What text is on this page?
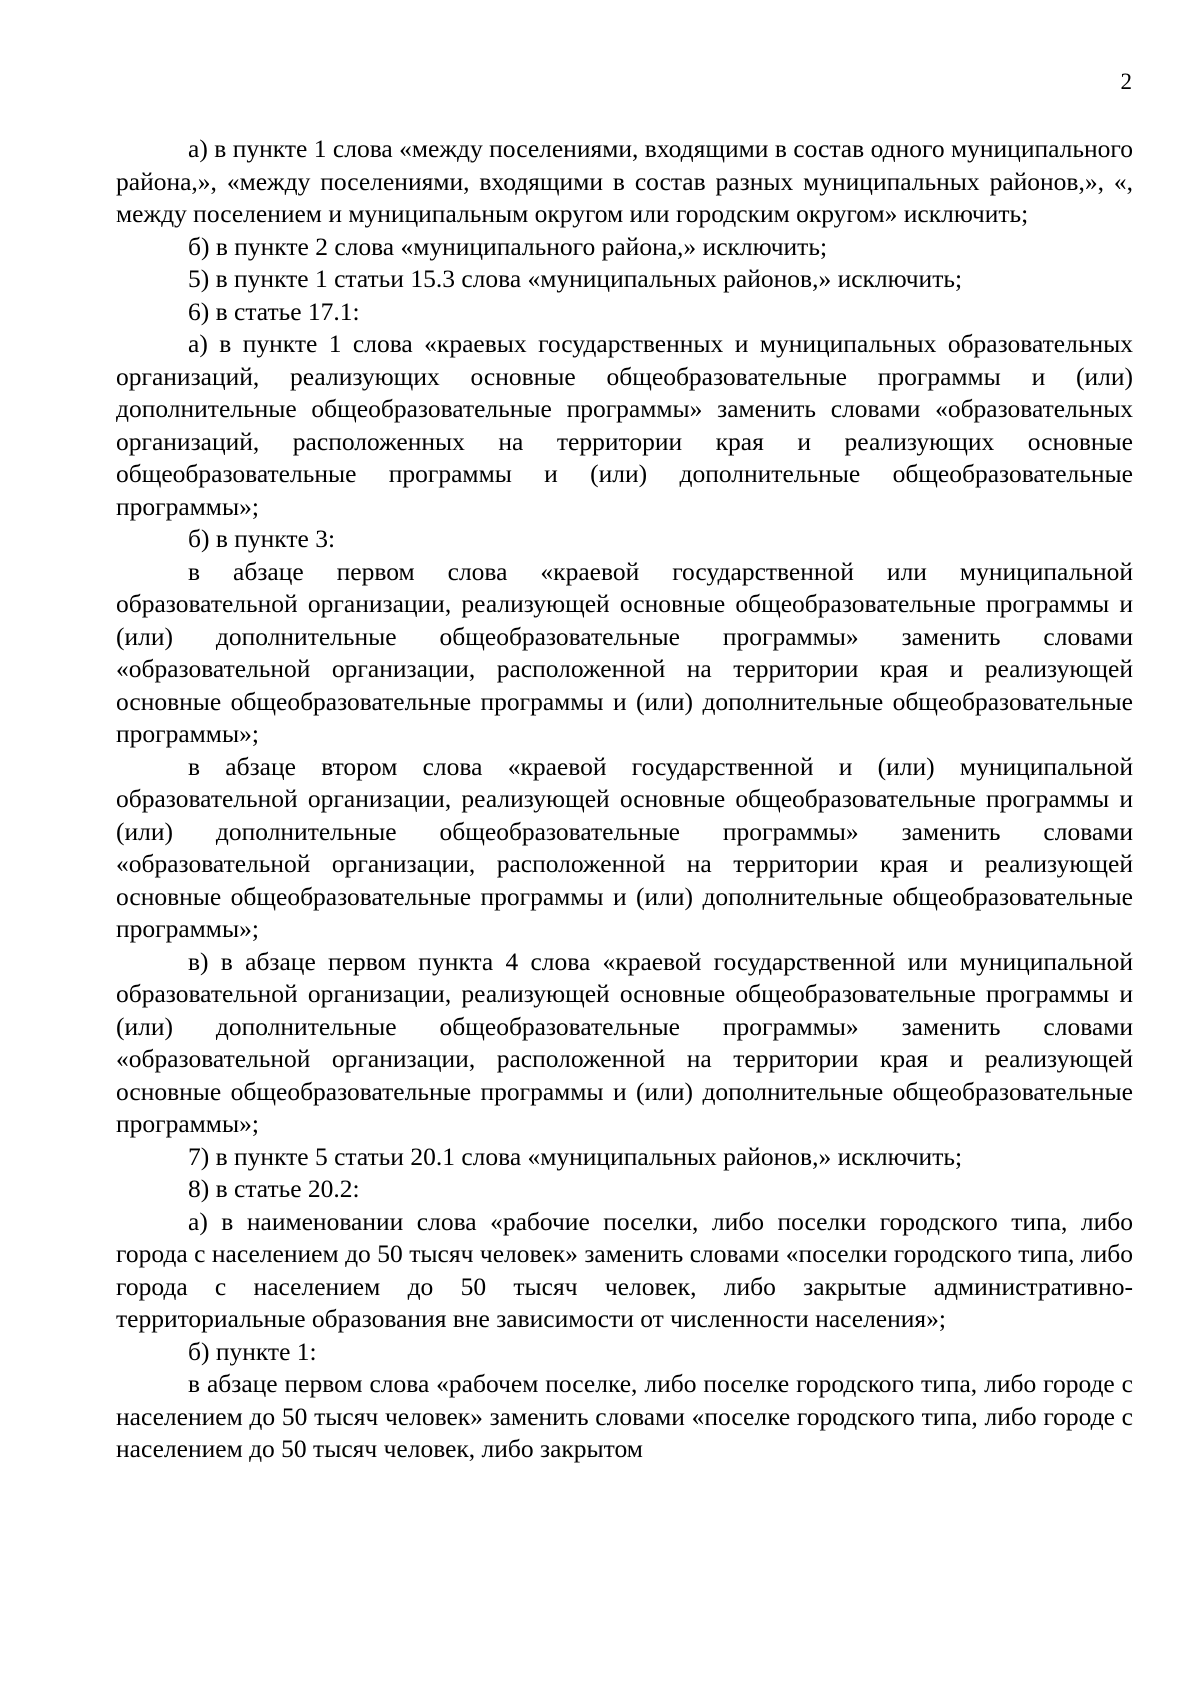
2

а) в пункте 1 слова «между поселениями, входящими в состав одного муниципального района,», «между поселениями, входящими в состав разных муниципальных районов,», «, между поселением и муниципальным округом или городским округом» исключить;

б) в пункте 2 слова «муниципального района,» исключить;

5) в пункте 1 статьи 15.3 слова «муниципальных районов,» исключить;

6) в статье 17.1:

а) в пункте 1 слова «краевых государственных и муниципальных образовательных организаций, реализующих основные общеобразовательные программы и (или) дополнительные общеобразовательные программы» заменить словами «образовательных организаций, расположенных на территории края и реализующих основные общеобразовательные программы и (или) дополнительные общеобразовательные программы»;

б) в пункте 3:

в абзаце первом слова «краевой государственной или муниципальной образовательной организации, реализующей основные общеобразовательные программы и (или) дополнительные общеобразовательные программы» заменить словами «образовательной организации, расположенной на территории края и реализующей основные общеобразовательные программы и (или) дополнительные общеобразовательные программы»;

в абзаце втором слова «краевой государственной и (или) муниципальной образовательной организации, реализующей основные общеобразовательные программы и (или) дополнительные общеобразовательные программы» заменить словами «образовательной организации, расположенной на территории края и реализующей основные общеобразовательные программы и (или) дополнительные общеобразовательные программы»;

в) в абзаце первом пункта 4 слова «краевой государственной или муниципальной образовательной организации, реализующей основные общеобразовательные программы и (или) дополнительные общеобразовательные программы» заменить словами «образовательной организации, расположенной на территории края и реализующей основные общеобразовательные программы и (или) дополнительные общеобразовательные программы»;

7) в пункте 5 статьи 20.1 слова «муниципальных районов,» исключить;

8) в статье 20.2:

а) в наименовании слова «рабочие поселки, либо поселки городского типа, либо города с населением до 50 тысяч человек» заменить словами «поселки городского типа, либо города с населением до 50 тысяч человек, либо закрытые административно-территориальные образования вне зависимости от численности населения»;

б) пункте 1:

в абзаце первом слова «рабочем поселке, либо поселке городского типа, либо городе с населением до 50 тысяч человек» заменить словами «поселке городского типа, либо городе с населением до 50 тысяч человек, либо закрытом
